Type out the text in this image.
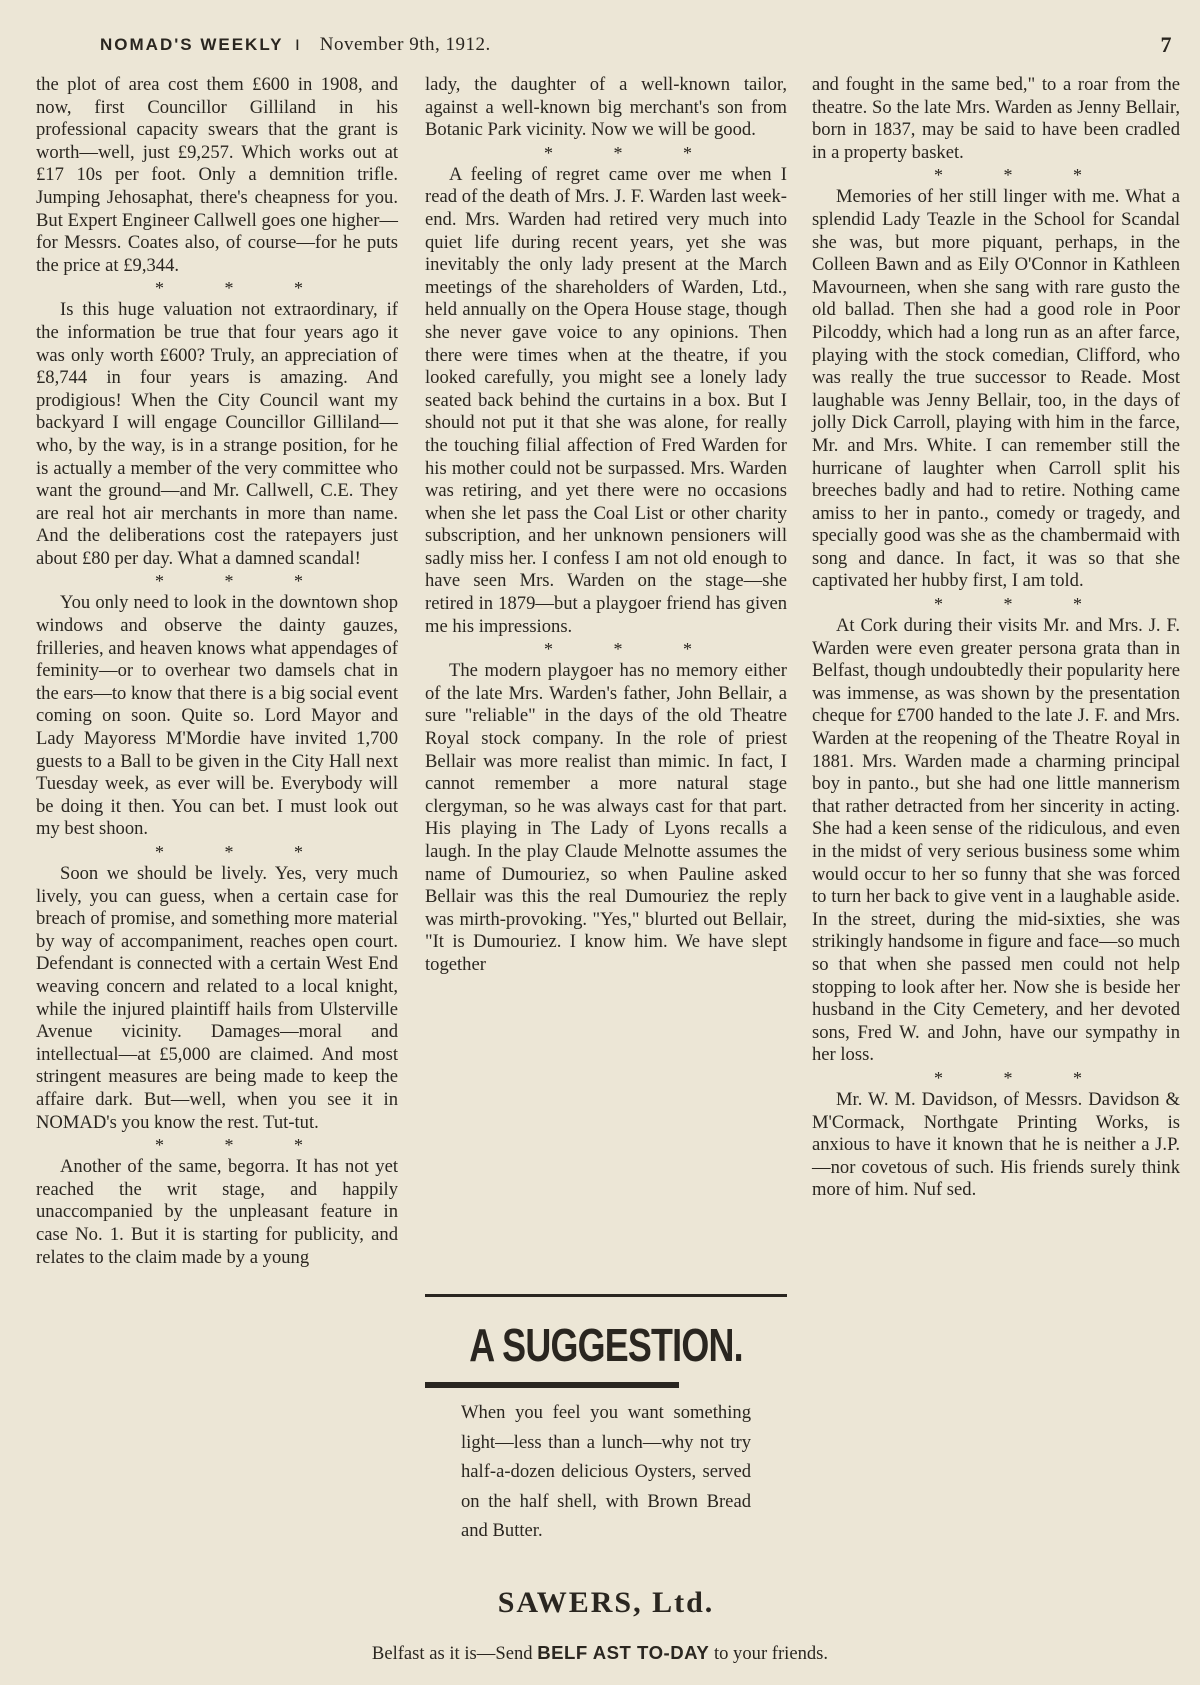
NOMAD'S WEEKLY ı November 9th, 1912.	7

the plot of area cost them £600 in 1908, and now, first Councillor Gilliland in his professional capacity swears that the grant is worth—well, just £9,257. Which works out at £17 10s per foot. Only a demnition trifle. Jumping Jehosaphat, there's cheapness for you. But Expert Engineer Callwell goes one higher—for Messrs. Coates also, of course—for he puts the price at £9,344.

* * *

Is this huge valuation not extraordinary, if the information be true that four years ago it was only worth £600? Truly, an appreciation of £8,744 in four years is amazing. And prodigious! When the City Council want my backyard I will engage Councillor Gilliland—who, by the way, is in a strange position, for he is actually a member of the very committee who want the ground—and Mr. Callwell, C.E. They are real hot air merchants in more than name. And the deliberations cost the ratepayers just about £80 per day. What a damned scandal!

* * *

You only need to look in the downtown shop windows and observe the dainty gauzes, frilleries, and heaven knows what appendages of feminity—or to overhear two damsels chat in the ears—to know that there is a big social event coming on soon. Quite so. Lord Mayor and Lady Mayoress M'Mordie have invited 1,700 guests to a Ball to be given in the City Hall next Tuesday week, as ever will be. Everybody will be doing it then. You can bet. I must look out my best shoon.

* * *

Soon we should be lively. Yes, very much lively, you can guess, when a certain case for breach of promise, and something more material by way of accompaniment, reaches open court. Defendant is connected with a certain West End weaving concern and related to a local knight, while the injured plaintiff hails from Ulsterville Avenue vicinity. Damages—moral and intellectual—at £5,000 are claimed. And most stringent measures are being made to keep the affaire dark. But—well, when you see it in NOMAD's you know the rest. Tut-tut.

* * *

Another of the same, begorra. It has not yet reached the writ stage, and happily unaccompanied by the unpleasant feature in case No. 1. But it is starting for publicity, and relates to the claim made by a young

lady, the daughter of a well-known tailor, against a well-known big merchant's son from Botanic Park vicinity. Now we will be good.

* * *

A feeling of regret came over me when I read of the death of Mrs. J. F. Warden last week-end. Mrs. Warden had retired very much into quiet life during recent years, yet she was inevitably the only lady present at the March meetings of the shareholders of Warden, Ltd., held annually on the Opera House stage, though she never gave voice to any opinions. Then there were times when at the theatre, if you looked carefully, you might see a lonely lady seated back behind the curtains in a box. But I should not put it that she was alone, for really the touching filial affection of Fred Warden for his mother could not be surpassed. Mrs. Warden was retiring, and yet there were no occasions when she let pass the Coal List or other charity subscription, and her unknown pensioners will sadly miss her. I confess I am not old enough to have seen Mrs. Warden on the stage—she retired in 1879—but a playgoer friend has given me his impressions.

* * *

The modern playgoer has no memory either of the late Mrs. Warden's father, John Bellair, a sure "reliable" in the days of the old Theatre Royal stock company. In the role of priest Bellair was more realist than mimic. In fact, I cannot remember a more natural stage clergyman, so he was always cast for that part. His playing in The Lady of Lyons recalls a laugh. In the play Claude Melnotte assumes the name of Dumouriez, so when Pauline asked Bellair was this the real Dumouriez the reply was mirth-provoking. "Yes," blurted out Bellair, "It is Dumouriez. I know him. We have slept together

and fought in the same bed," to a roar from the theatre. So the late Mrs. Warden as Jenny Bellair, born in 1837, may be said to have been cradled in a property basket.

* * *

Memories of her still linger with me. What a splendid Lady Teazle in the School for Scandal she was, but more piquant, perhaps, in the Colleen Bawn and as Eily O'Connor in Kathleen Mavourneen, when she sang with rare gusto the old ballad. Then she had a good role in Poor Pilcoddy, which had a long run as an after farce, playing with the stock comedian, Clifford, who was really the true successor to Reade. Most laughable was Jenny Bellair, too, in the days of jolly Dick Carroll, playing with him in the farce, Mr. and Mrs. White. I can remember still the hurricane of laughter when Carroll split his breeches badly and had to retire. Nothing came amiss to her in panto., comedy or tragedy, and specially good was she as the chambermaid with song and dance. In fact, it was so that she captivated her hubby first, I am told.

* * *

At Cork during their visits Mr. and Mrs. J. F. Warden were even greater persona grata than in Belfast, though undoubtedly their popularity here was immense, as was shown by the presentation cheque for £700 handed to the late J. F. and Mrs. Warden at the reopening of the Theatre Royal in 1881. Mrs. Warden made a charming principal boy in panto., but she had one little mannerism that rather detracted from her sincerity in acting. She had a keen sense of the ridiculous, and even in the midst of very serious business some whim would occur to her so funny that she was forced to turn her back to give vent in a laughable aside. In the street, during the mid-sixties, she was strikingly handsome in figure and face—so much so that when she passed men could not help stopping to look after her. Now she is beside her husband in the City Cemetery, and her devoted sons, Fred W. and John, have our sympathy in her loss.

* * *

Mr. W. M. Davidson, of Messrs. Davidson & M'Cormack, Northgate Printing Works, is anxious to have it known that he is neither a J.P.—nor covetous of such. His friends surely think more of him. Nuf sed.

A SUGGESTION.
When you feel you want something light—less than a lunch—why not try half-a-dozen delicious Oysters, served on the half shell, with Brown Bread and Butter.
SAWERS, Ltd.
Belfast as it is—Send BELF AST TO-DAY to your friends.
